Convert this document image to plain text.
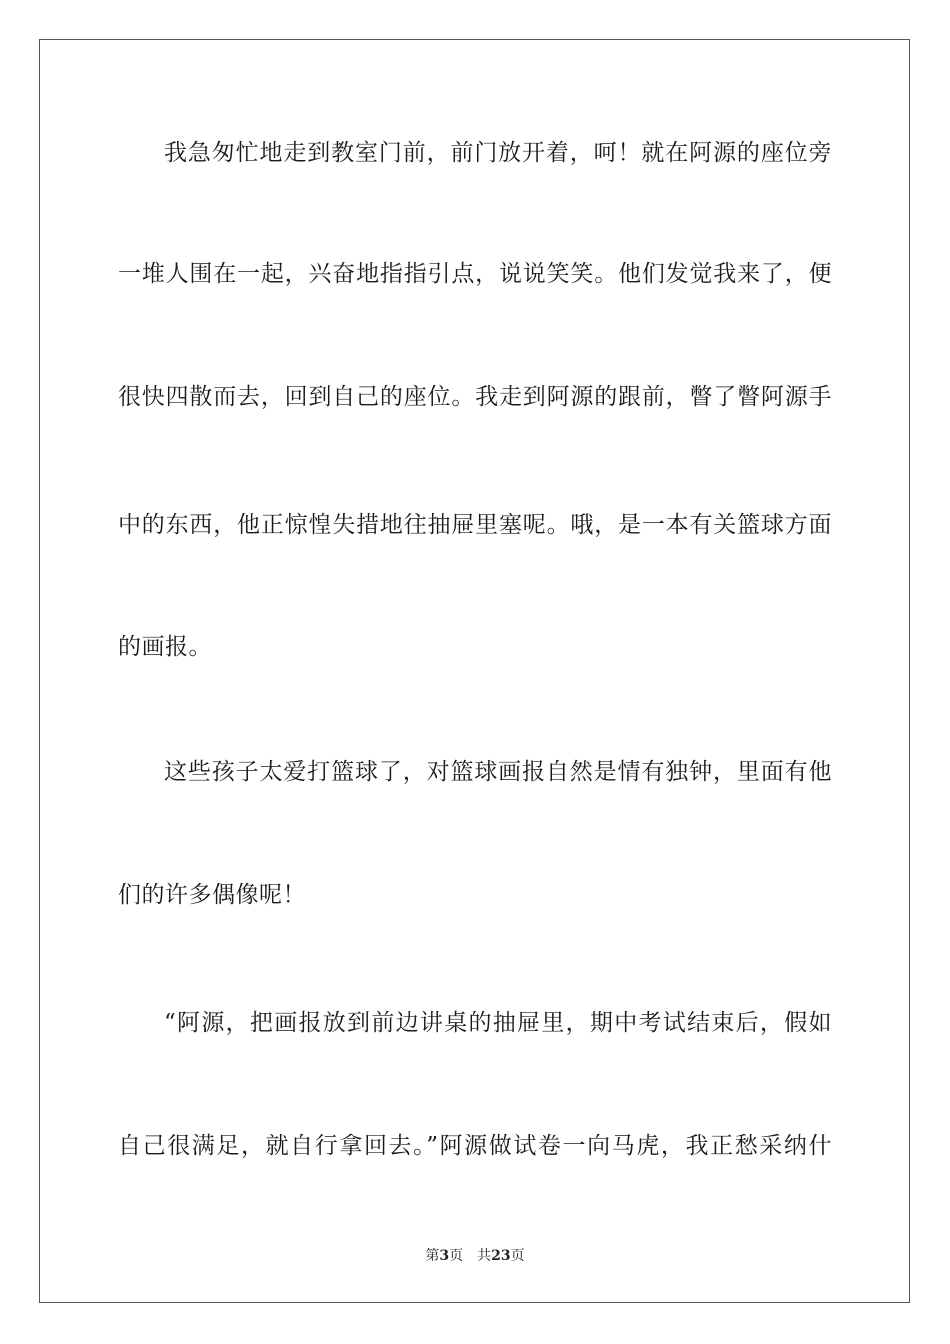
我急匆忙地走到教室门前，前门放开着，呵！就在阿源的座位旁
一堆人围在一起，兴奋地指指引点，说说笑笑。他们发觉我来了，便
很快四散而去，回到自己的座位。我走到阿源的跟前，瞥了瞥阿源手
中的东西，他正惊惶失措地往抽屉里塞呢。哦，是一本有关篮球方面
的画报。
这些孩子太爱打篮球了，对篮球画报自然是情有独钟，里面有他
们的许多偶像呢！
“阿源，把画报放到前边讲桌的抽屉里，期中考试结束后，假如
自己很满足，就自行拿回去。”阿源做试卷一向马虎，我正愁采纳什
第3页 共23页
